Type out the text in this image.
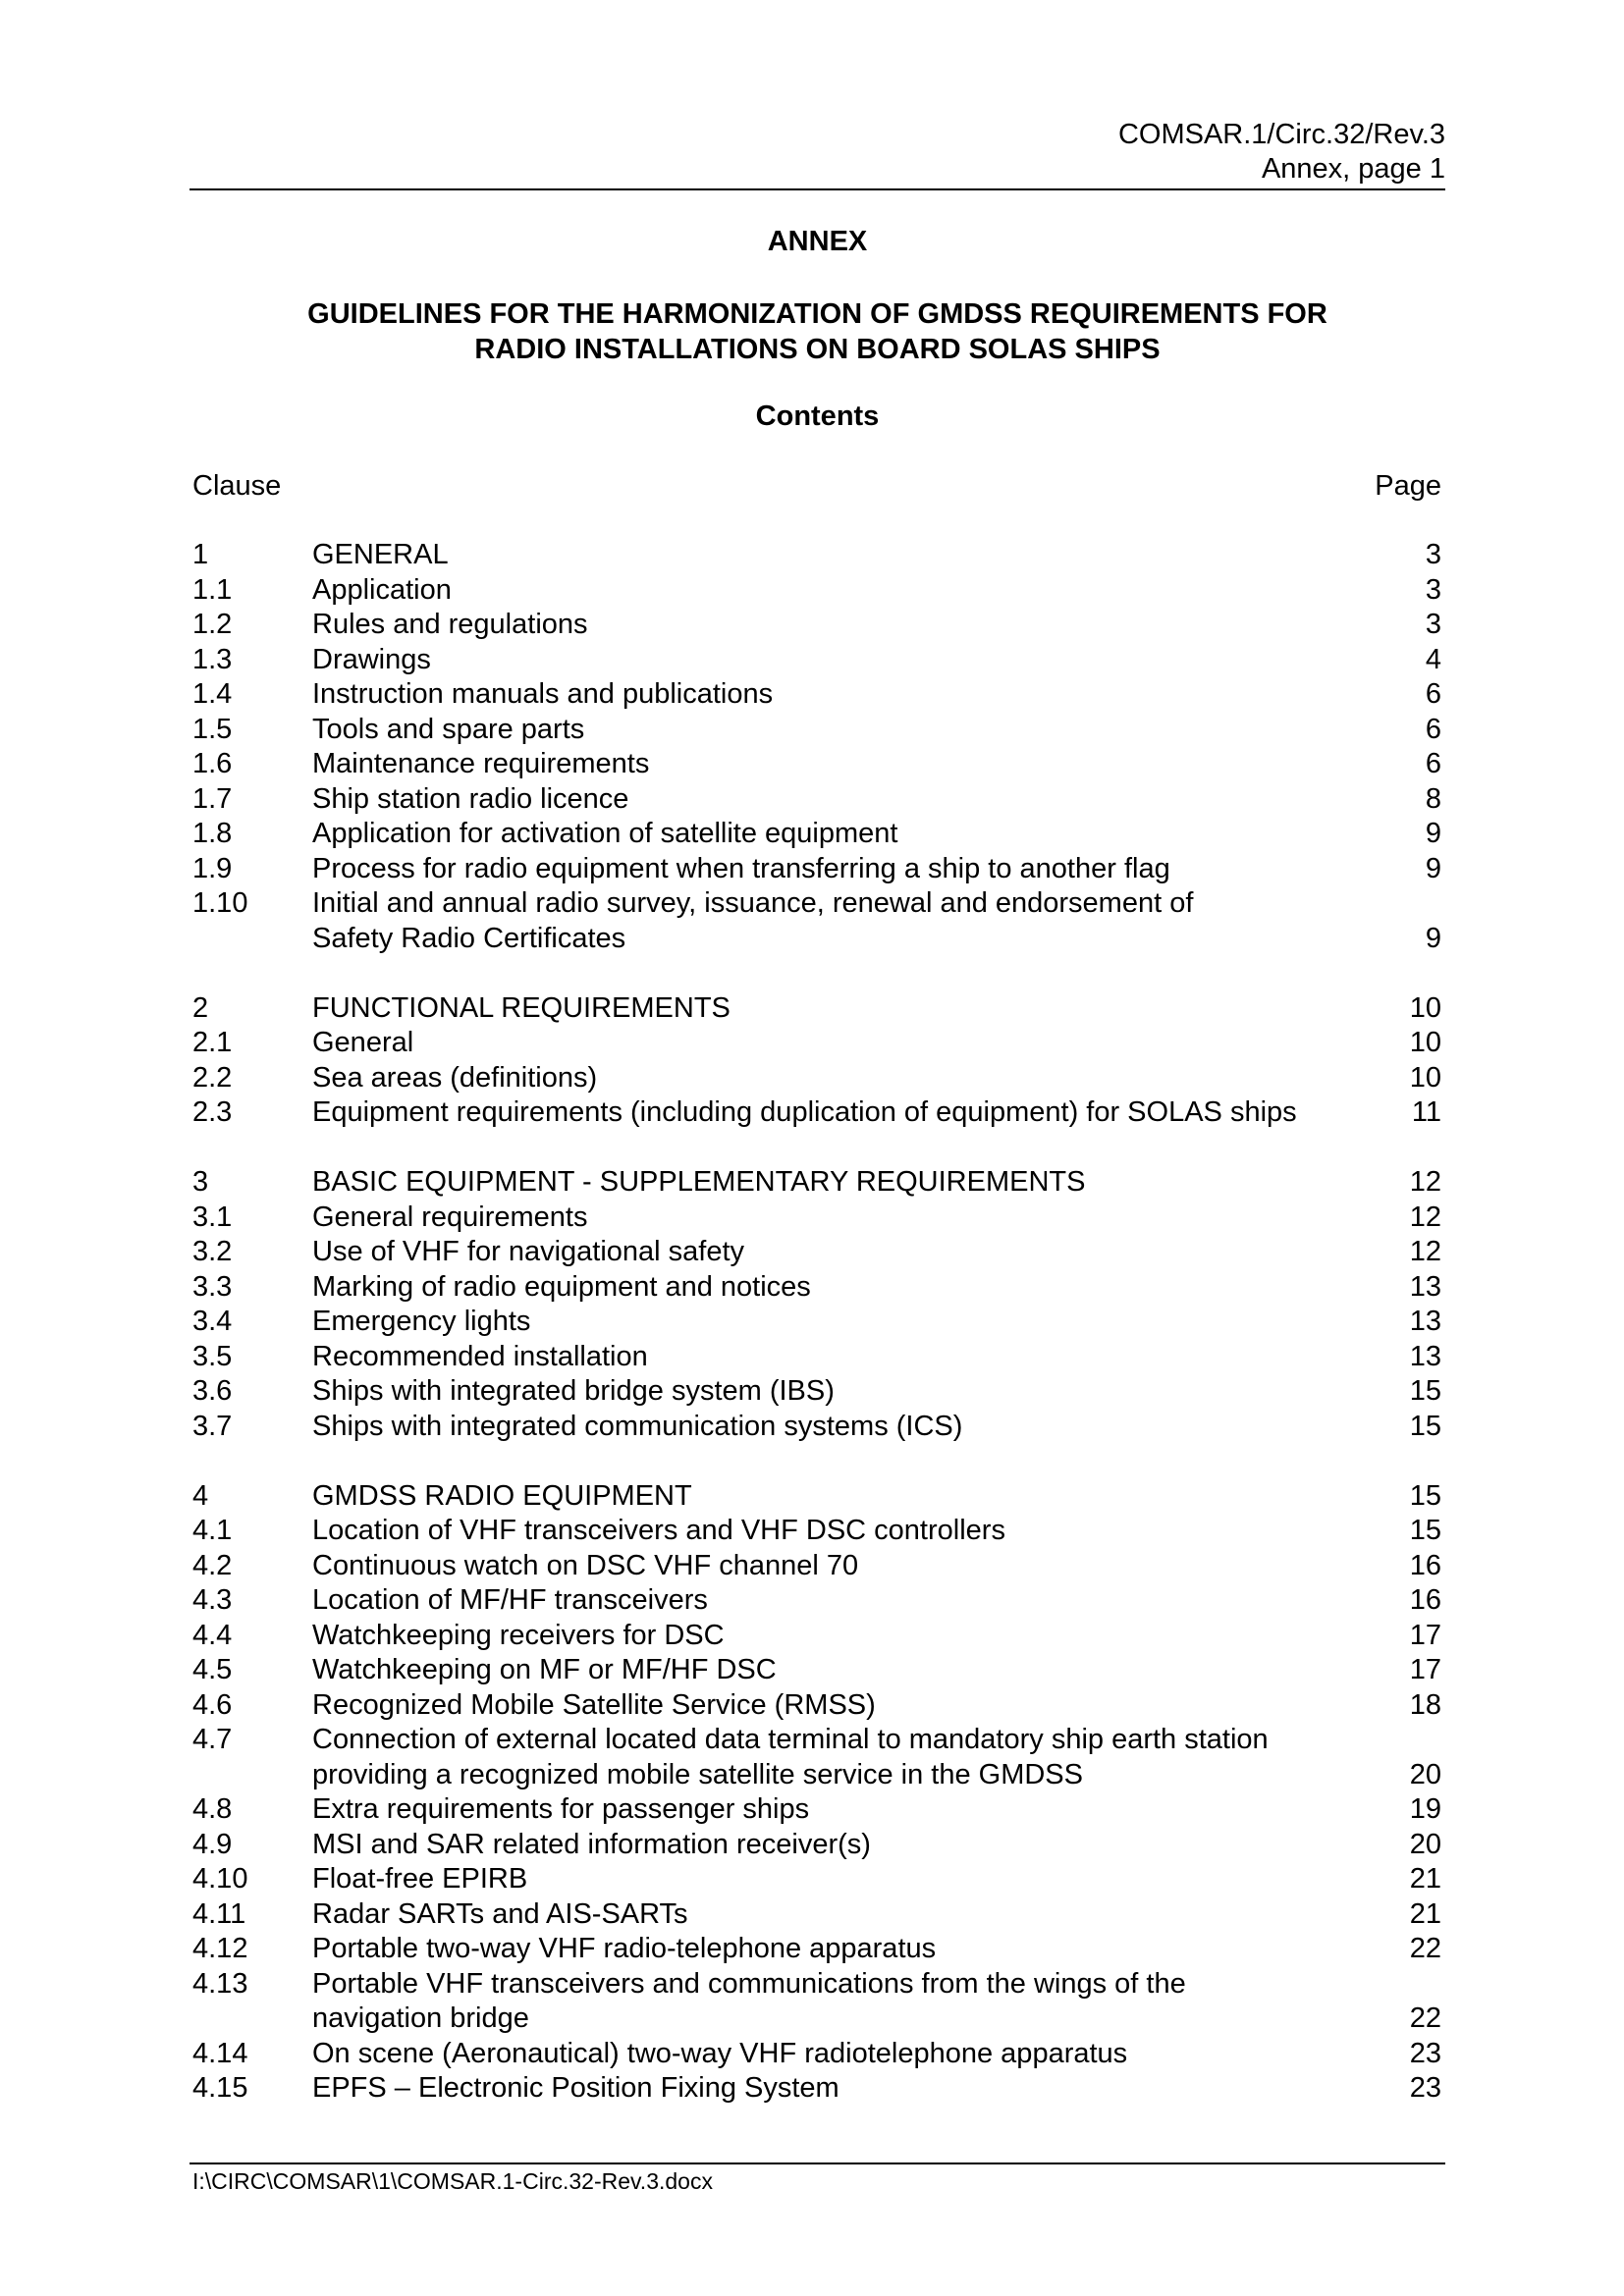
COMSAR.1/Circ.32/Rev.3
Annex, page 1
ANNEX
GUIDELINES FOR THE HARMONIZATION OF GMDSS REQUIREMENTS FOR
RADIO INSTALLATIONS ON BOARD SOLAS SHIPS
Contents
Clause	Page
1	GENERAL	3
1.1	Application	3
1.2	Rules and regulations	3
1.3	Drawings	4
1.4	Instruction manuals and publications	6
1.5	Tools and spare parts	6
1.6	Maintenance requirements	6
1.7	Ship station radio licence	8
1.8	Application for activation of satellite equipment	9
1.9	Process for radio equipment when transferring a ship to another flag	9
1.10	Initial and annual radio survey, issuance, renewal and endorsement of
Safety Radio Certificates	9
2	FUNCTIONAL REQUIREMENTS	10
2.1	General	10
2.2	Sea areas (definitions)	10
2.3	Equipment requirements (including duplication of equipment) for SOLAS ships	11
3	BASIC EQUIPMENT - SUPPLEMENTARY REQUIREMENTS	12
3.1	General requirements	12
3.2	Use of VHF for navigational safety	12
3.3	Marking of radio equipment and notices	13
3.4	Emergency lights	13
3.5	Recommended installation	13
3.6	Ships with integrated bridge system (IBS)	15
3.7	Ships with integrated communication systems (ICS)	15
4	GMDSS RADIO EQUIPMENT	15
4.1	Location of VHF transceivers and VHF DSC controllers	15
4.2	Continuous watch on DSC VHF channel 70	16
4.3	Location of MF/HF transceivers	16
4.4	Watchkeeping receivers for DSC	17
4.5	Watchkeeping on MF or MF/HF DSC	17
4.6	Recognized Mobile Satellite Service (RMSS)	18
4.7	Connection of external located data terminal to mandatory ship earth station
providing a recognized mobile satellite service in the GMDSS	20
4.8	Extra requirements for passenger ships	19
4.9	MSI and SAR related information receiver(s)	20
4.10	Float-free EPIRB	21
4.11	Radar SARTs and AIS-SARTs	21
4.12	Portable two-way VHF radio-telephone apparatus	22
4.13	Portable VHF transceivers and communications from the wings of the
navigation bridge	22
4.14	On scene (Aeronautical) two-way VHF radiotelephone apparatus	23
4.15	EPFS – Electronic Position Fixing System	23
I:\CIRC\COMSAR\1\COMSAR.1-Circ.32-Rev.3.docx
